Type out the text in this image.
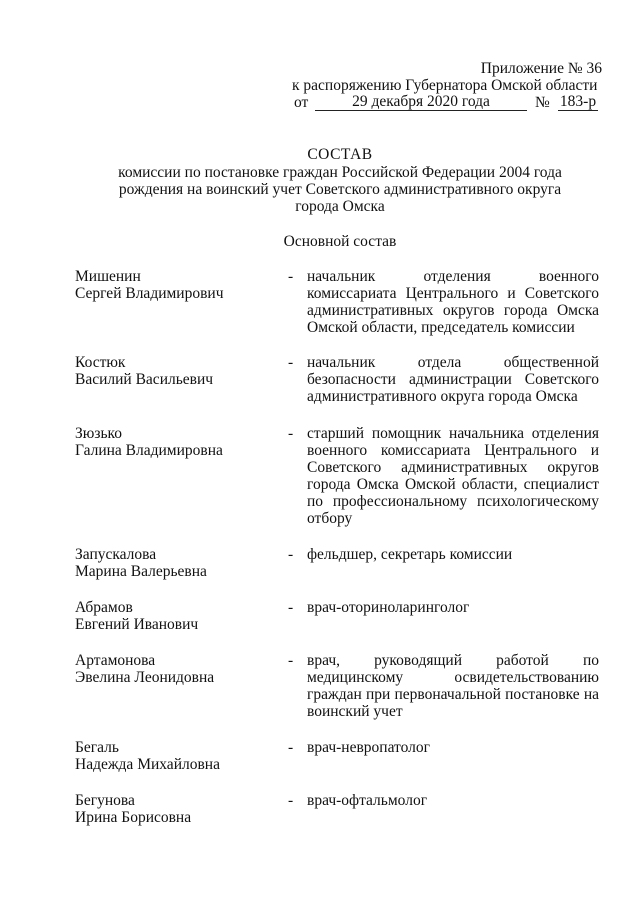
Приложение № 36
к распоряжению Губернатора Омской области
от	29 декабря 2020 года	№ 183-р
СОСТАВ
комиссии по постановке граждан Российской Федерации 2004 года рождения на воинский учет Советского административного округа города Омска
Основной состав
Мишенин
Сергей Владимирович
- начальник отделения военного комиссариата Центрального и Советского административных округов города Омска Омской области, председатель комиссии
Костюк
Василий Васильевич
- начальник отдела общественной безопасности администрации Советского административного округа города Омска
Зюзько
Галина Владимировна
- старший помощник начальника отделения военного комиссариата Центрального и Советского административных округов города Омска Омской области, специалист по профессиональному психологическому отбору
Запускалова
Марина Валерьевна
- фельдшер, секретарь комиссии
Абрамов
Евгений Иванович
- врач-оториноларинголог
Артамонова
Эвелина Леонидовна
- врач, руководящий работой по медицинскому освидетельствованию граждан при первоначальной постановке на воинский учет
Бегаль
Надежда Михайловна
- врач-невропатолог
Бегунова
Ирина Борисовна
- врач-офтальмолог
